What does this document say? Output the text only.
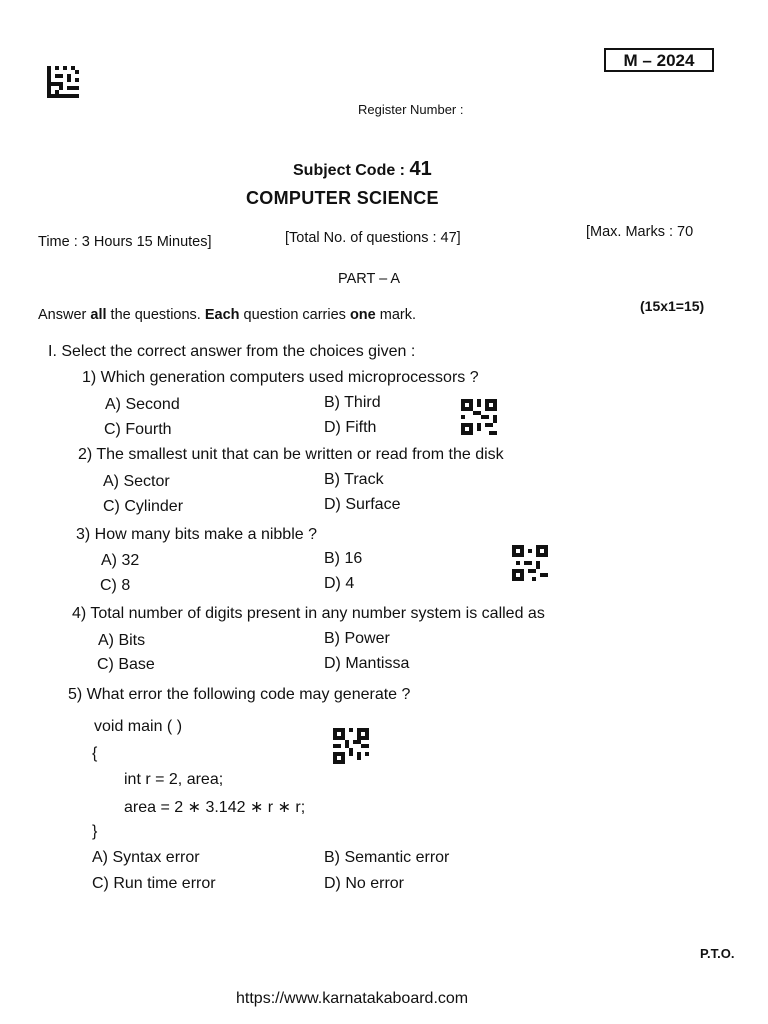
M – 2024
Register Number :
Subject Code : 41
COMPUTER SCIENCE
Time : 3 Hours 15 Minutes]	[Total No. of questions : 47]	[Max. Marks : 70
PART – A
Answer all the questions. Each question carries one mark.
(15x1=15)
I. Select the correct answer from the choices given :
1) Which generation computers used microprocessors ?
A) Second	B) Third
C) Fourth	D) Fifth
2) The smallest unit that can be written or read from the disk
A) Sector	B) Track
C) Cylinder	D) Surface
3) How many bits make a nibble ?
A) 32	B) 16
C) 8	D) 4
4) Total number of digits present in any number system is called as
A) Bits	B) Power
C) Base	D) Mantissa
5) What error the following code may generate ?
void main ( )
{
int r = 2, area;
area = 2 ∗ 3.142 ∗ r ∗ r;
}
A) Syntax error	B) Semantic error
C) Run time error	D) No error
P.T.O.
https://www.karnatakaboard.com
